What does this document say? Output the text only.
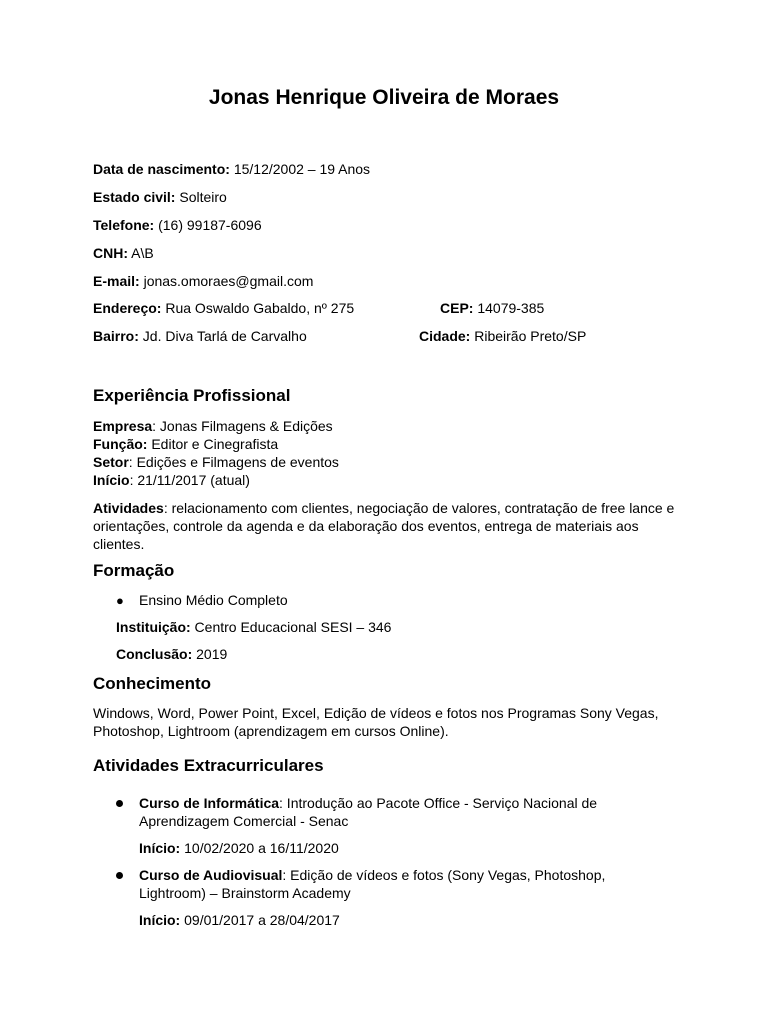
Jonas Henrique Oliveira de Moraes
Data de nascimento: 15/12/2002 – 19 Anos
Estado civil: Solteiro
Telefone: (16) 99187-6096
CNH: A\B
E-mail: jonas.omoraes@gmail.com
Endereço: Rua Oswaldo Gabaldo, nº 275	CEP: 14079-385
Bairro: Jd. Diva Tarlá de Carvalho	Cidade: Ribeirão Preto/SP
Experiência Profissional
Empresa: Jonas Filmagens & Edições
Função: Editor e Cinegrafista
Setor: Edições e Filmagens de eventos
Início: 21/11/2017 (atual)

Atividades: relacionamento com clientes, negociação de valores, contratação de free lance e orientações, controle da agenda e da elaboração dos eventos, entrega de materiais aos clientes.

Formação
● Ensino Médio Completo
Instituição: Centro Educacional SESI – 346
Conclusão: 2019
Conhecimento

Windows, Word, Power Point, Excel, Edição de vídeos e fotos nos Programas Sony Vegas, Photoshop, Lightroom (aprendizagem em cursos Online).

Atividades Extracurriculares

Curso de Informática: Introdução ao Pacote Office - Serviço Nacional de Aprendizagem Comercial - Senac

Início: 10/02/2020 a 16/11/2020

Curso de Audiovisual: Edição de vídeos e fotos (Sony Vegas, Photoshop, Lightroom) – Brainstorm Academy

Início: 09/01/2017 a 28/04/2017
